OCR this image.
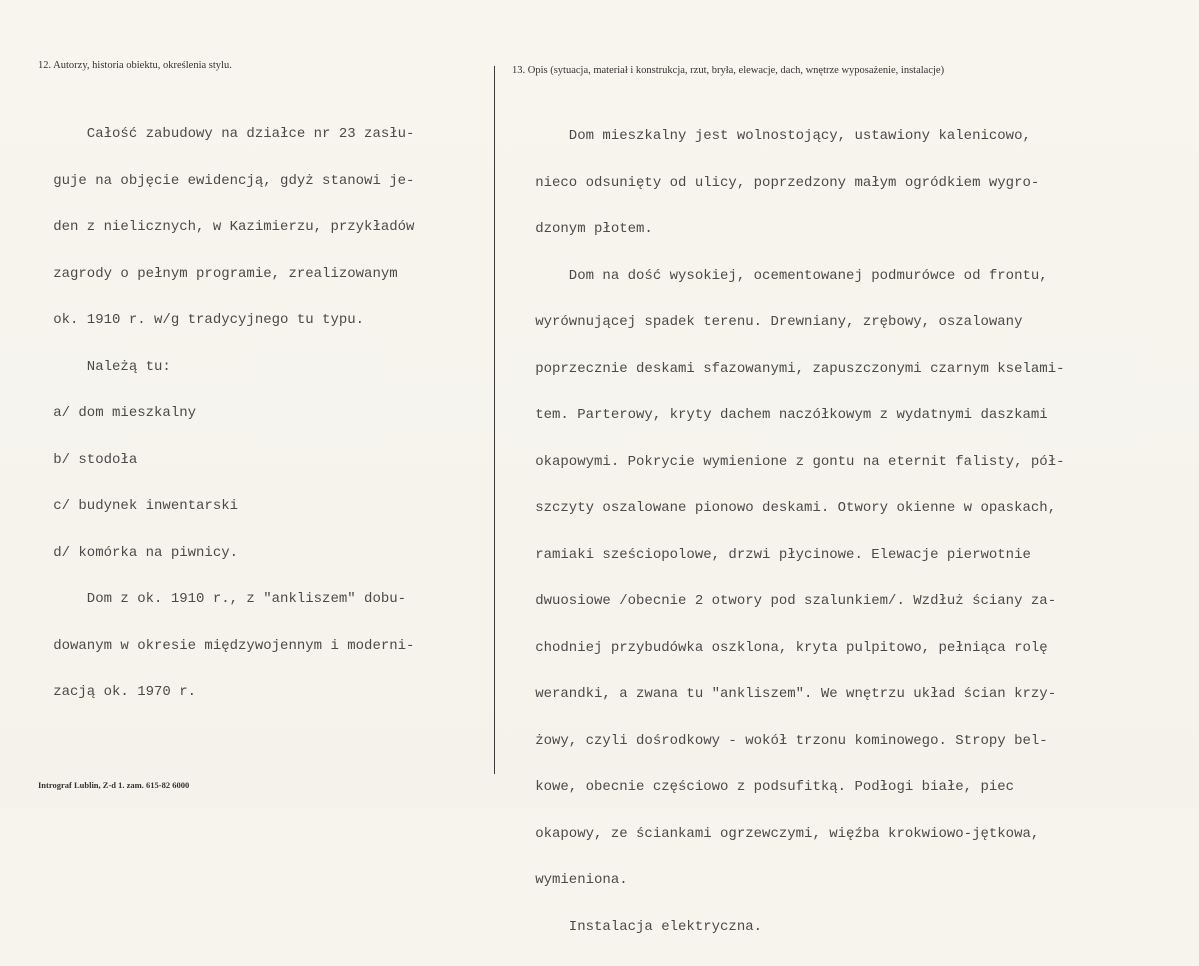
12. Autorzy, historia obiektu, określenia stylu.	13. Opis (sytuacja, materiał i konstrukcja, rzut, bryła, elewacje, dach, wnętrze wyposażenie, instalacje)

Całość zabudowy na działce nr 23 zasłu-

guje na objęcie ewidencją, gdyż stanowi je-

den z nielicznych, w Kazimierzu, przykładów

zagrody o pełnym programie, zrealizowanym

ok. 1910 r. w/g tradycyjnego tu typu.

Należą tu:

a/ dom mieszkalny

b/ stodoła

c/ budynek inwentarski

d/ komórka na piwnicy.

Dom z ok. 1910 r., z "ankliszem" dobu-

dowanym w okresie międzywojennym i moderni-

zacją ok. 1970 r.

Dom mieszkalny jest wolnostojący, ustawiony kalenicowo,

nieco odsunięty od ulicy, poprzedzony małym ogródkiem wygro-

dzonym płotem.

Dom na dość wysokiej, ocementowanej podmurówce od frontu,

wyrównującej spadek terenu. Drewniany, zrębowy, oszalowany

poprzecznie deskami sfazowanymi, zapuszczonymi czarnym kselami-

tem. Parterowy, kryty dachem naczółkowym z wydatnymi daszkami

okapowymi. Pokrycie wymienione z gontu na eternit falisty, pół-

szczyty oszalowane pionowo deskami. Otwory okienne w opaskach,

ramiaki sześciopolowe, drzwi płycinowe. Elewacje pierwotnie

dwuosiowe /obecnie 2 otwory pod szalunkiem/. Wzdłuż ściany za-

chodniej przybudówka oszklona, kryta pulpitowo, pełniąca rolę

werandki, a zwana tu "ankliszem". We wnętrzu układ ścian krzy-

żowy, czyli dośrodkowy - wokół trzonu kominowego. Stropy bel-

kowe, obecnie częściowo z podsufitką. Podłogi białe, piec

okapowy, ze ściankami ogrzewczymi, więźba krokwiowo-jętkowa,

wymieniona.

Instalacja elektryczna.

Intrograf Lublin, Z-d 1. zam. 615-82 6000
